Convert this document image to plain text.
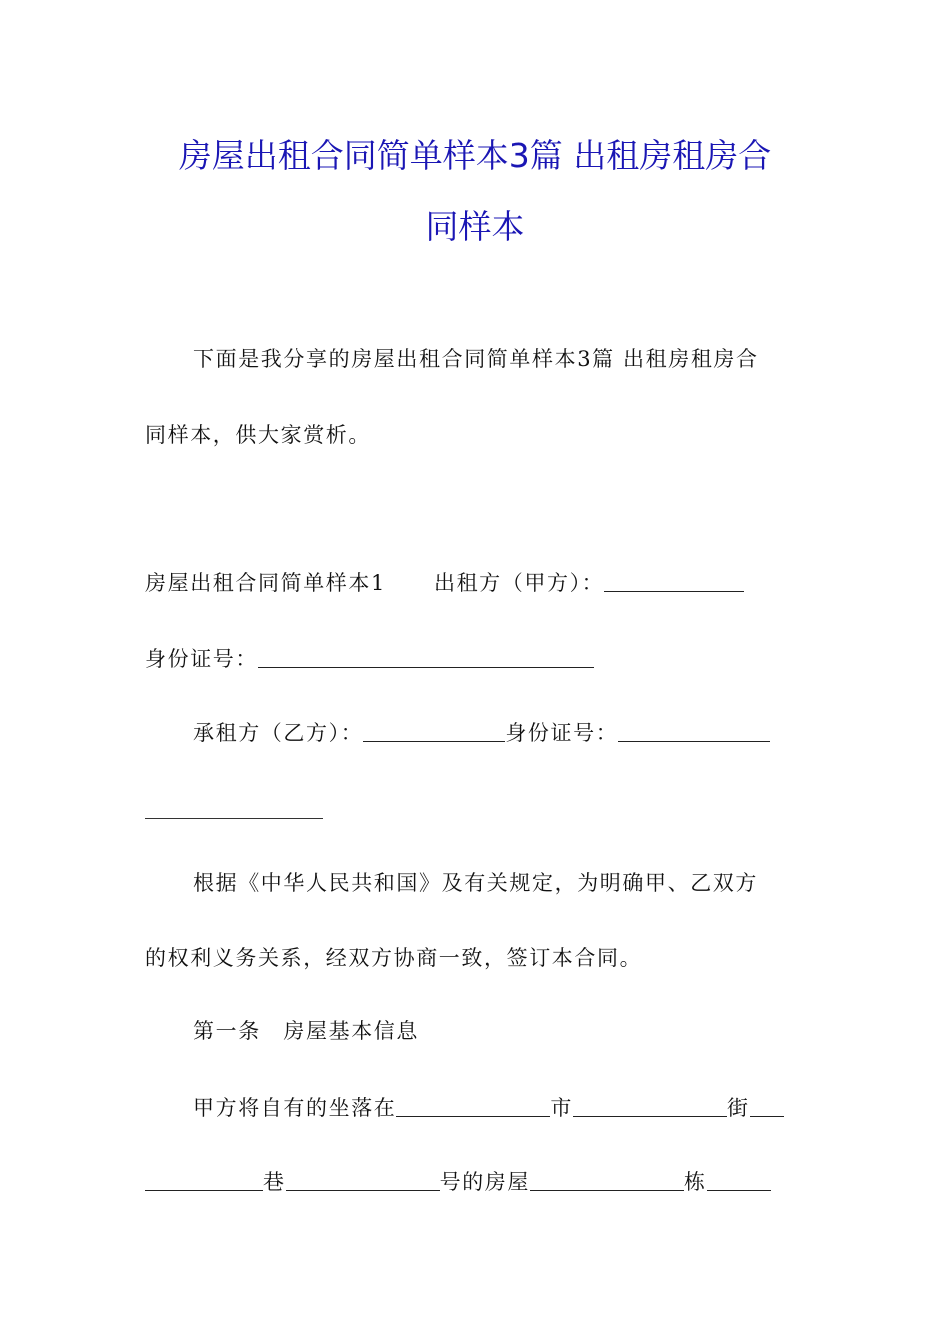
房屋出租合同简单样本3篇 出租房租房合
同样本
下面是我分享的房屋出租合同简单样本3篇 出租房租房合
同样本，供大家赏析。
房屋出租合同简单样本1 出租方（甲方）：
身份证号：
承租方（乙方）：	身份证号：
根据《中华人民共和国》及有关规定，为明确甲、乙双方
的权利义务关系，经双方协商一致，签订本合同。
第一条　房屋基本信息
甲方将自有的坐落在	市	街
巷	号的房屋	栋
